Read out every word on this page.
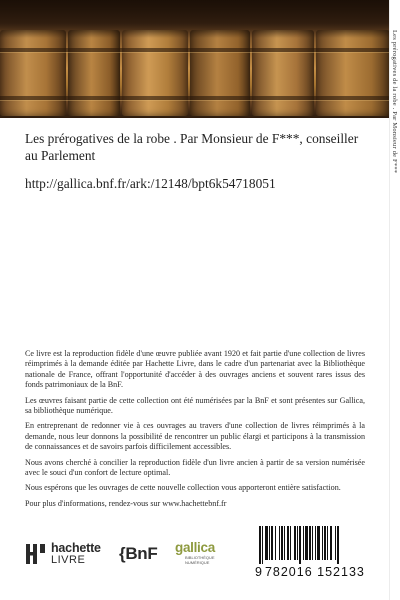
Les prérogatives de la robe . Par Monsieur de F***, conseiller au Parlement
http://gallica.bnf.fr/ark:/12148/bpt6k54718051

Ce livre est la reproduction fidèle d'une œuvre publiée avant 1920 et fait partie d'une collection de livres réimprimés à la demande éditée par Hachette Livre, dans le cadre d'un partenariat avec la Bibliothèque nationale de France, offrant l'opportunité d'accéder à des ouvrages anciens et souvent rares issus des fonds patrimoniaux de la BnF.

Les œuvres faisant partie de cette collection ont été numérisées par la BnF et sont présentes sur Gallica, sa bibliothèque numérique.

En entreprenant de redonner vie à ces ouvrages au travers d'une collection de livres réimprimés à la demande, nous leur donnons la possibilité de rencontrer un public élargi et participons à la transmission de connaissances et de savoirs parfois difficilement accessibles.

Nous avons cherché à concilier la reproduction fidèle d'un livre ancien à partir de sa version numérisée avec le souci d'un confort de lecture optimal.

Nous espérons que les ouvrages de cette nouvelle collection vous apporteront entière satisfaction.

Pour plus d'informations, rendez-vous sur www.hachettebnf.fr

hachette
LIVRE	{BnF gallica
BIBLIOTHÈQUE NUMÉRIQUE
9 782016 152133
Les prérogatives de la robe . Par Monsieur de F***
